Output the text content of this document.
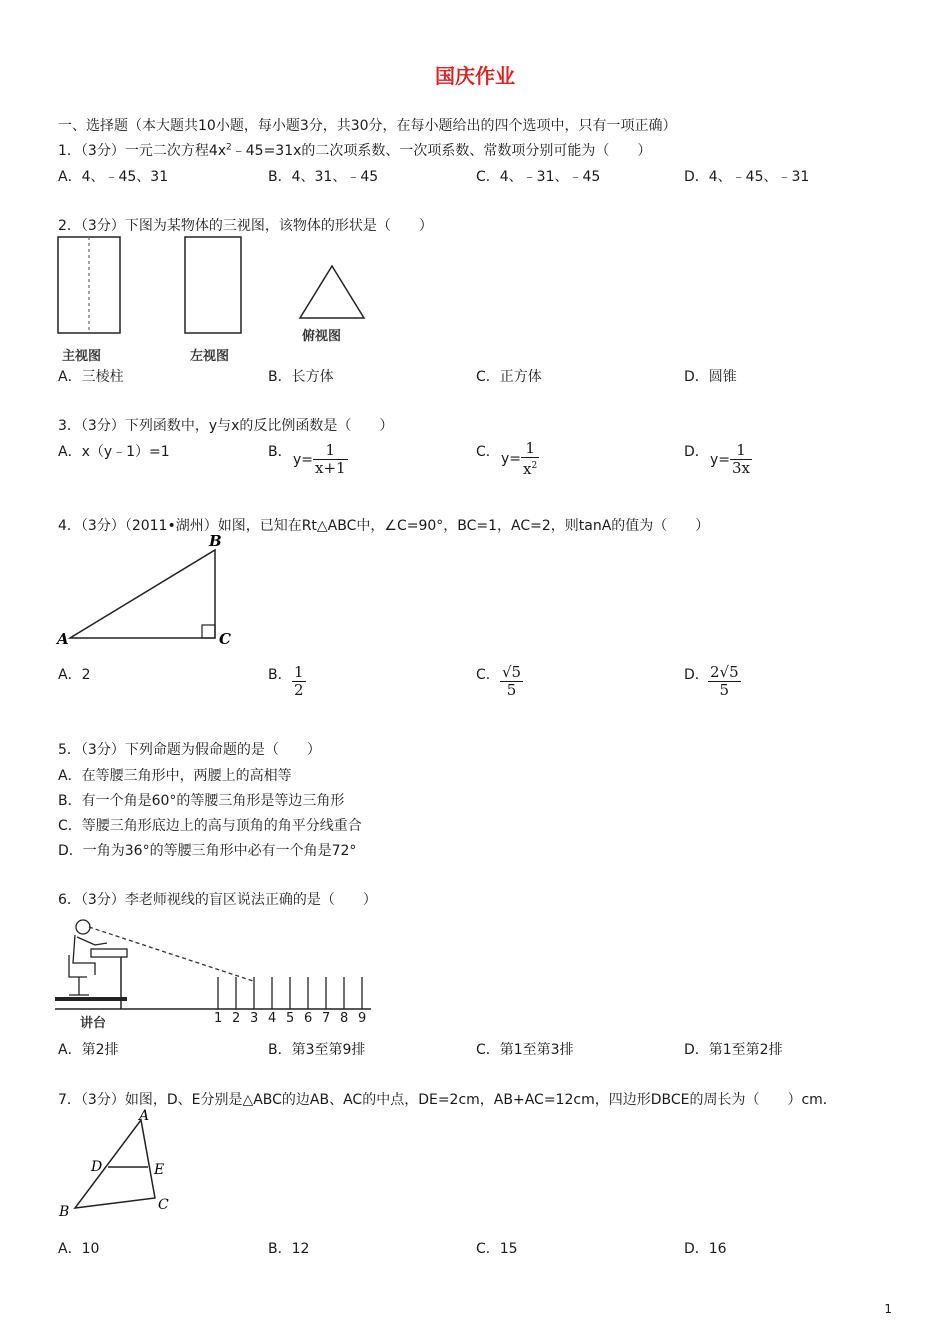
国庆作业
一、选择题（本大题共10小题，每小题3分，共30分，在每小题给出的四个选项中，只有一项正确）
1．（3分）一元二次方程$4x^2﹣45=31x$的二次项系数、一次项系数、常数项分别可能为（　　）
A．4、﹣45、31	B．4、31、﹣45	C．4、﹣31、﹣45	D．4、﹣45、﹣31
2．（3分）下图为某物体的三视图，该物体的形状是（　　）
主视图	左视图
俯视图
A．三棱柱	B．长方体	C．正方体	D．圆锥
3．（3分）下列函数中，y与x的反比例函数是（　　）
A．x（y﹣1）=1	B． $y= \frac{1}{x+1}$	C． $y= \frac{1}{x^2}$	D． $y= \frac{1}{3x}$
4．（3分）（2011•湖州）如图，已知在Rt△ABC中，∠C=90°，BC=1，AC=2，则tanA的值为（　　）
A
B
C
A．2	B． $\frac{1}{2}$	C． $\frac{√5}{5}$	D． $\frac{2√5}{5}$
5．（3分）下列命题为假命题的是（　　）
A．在等腰三角形中，两腰上的高相等
B．有一个角是60°的等腰三角形是等边三角形
C．等腰三角形底边上的高与顶角的角平分线重合
D．一角为36°的等腰三角形中必有一个角是72°
6．（3分）李老师视线的盲区说法正确的是（　　）
讲台	1 2 3 4 5 6 7 8 9
A．第2排	B．第3至第9排	C．第1至第3排	D．第1至第2排
7．（3分）如图，D、E分别是△ABC的边AB、AC的中点，DE=2cm，AB+AC=12cm，四边形DBCE的周长为（　　）cm．
A
D	E
B	C
A．10	B．12	C．15	D．16
1
